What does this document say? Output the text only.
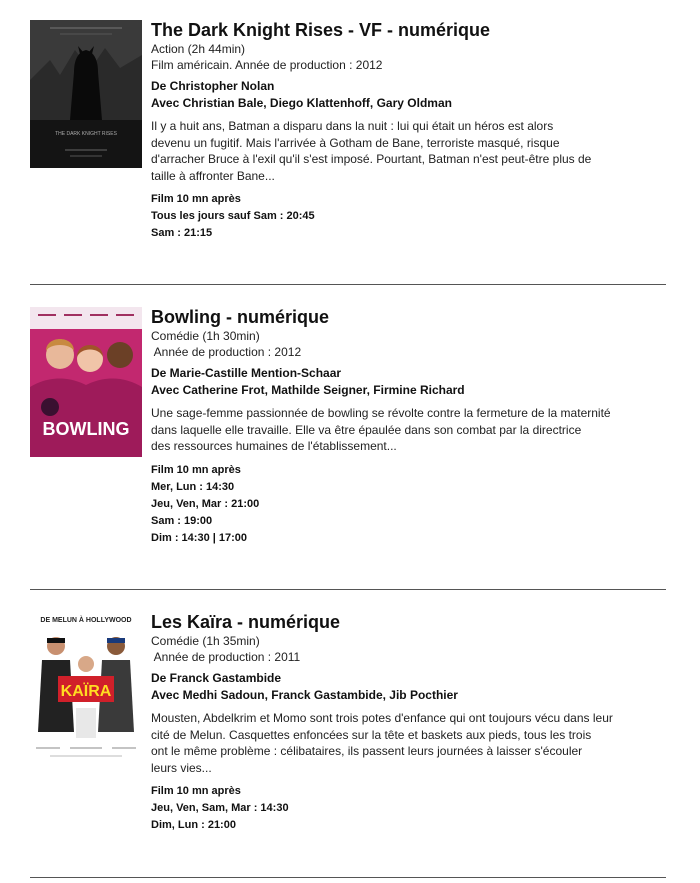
THE DARK KNIGHT RISES
The Dark Knight Rises - VF - numérique
Action (2h 44min)
Film américain. Année de production : 2012
De Christopher Nolan
Avec Christian Bale, Diego Klattenhoff, Gary Oldman
Il y a huit ans, Batman a disparu dans la nuit : lui qui était un héros est alors
devenu un fugitif. Mais l'arrivée à Gotham de Bane, terroriste masqué, risque
d'arracher Bruce à l'exil qu'il s'est imposé. Pourtant, Batman n'est peut-être plus de
taille à affronter Bane...
Film 10 mn après
Tous les jours sauf Sam : 20:45
Sam : 21:15
BOWLING
Bowling - numérique
Comédie (1h 30min)
Année de production : 2012
De Marie-Castille Mention-Schaar
Avec Catherine Frot, Mathilde Seigner, Firmine Richard
Une sage-femme passionnée de bowling se révolte contre la fermeture de la maternité
dans laquelle elle travaille. Elle va être épaulée dans son combat par la directrice
des ressources humaines de l'établissement...
Film 10 mn après
Mer, Lun : 14:30
Jeu, Ven, Mar : 21:00
Sam : 19:00
Dim : 14:30 | 17:00
DE MELUN À HOLLYWOOD
KAÏRA
Les Kaïra - numérique
Comédie (1h 35min)
Année de production : 2011
De Franck Gastambide
Avec Medhi Sadoun, Franck Gastambide, Jib Pocthier
Mousten, Abdelkrim et Momo sont trois potes d'enfance qui ont toujours vécu dans leur
cité de Melun. Casquettes enfoncées sur la tête et baskets aux pieds, tous les trois
ont le même problème : célibataires, ils passent leurs journées à laisser s'écouler
leurs vies...
Film 10 mn après
Jeu, Ven, Sam, Mar : 14:30
Dim, Lun : 21:00
